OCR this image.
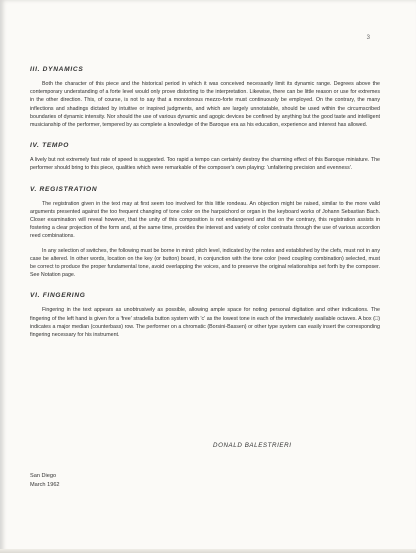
3

III. DYNAMICS

Both the character of this piece and the historical period in which it was conceived necessarily limit its dynamic range. Degrees above the contemporary understanding of a forte level would only prove distorting to the interpretation. Likewise, there can be little reason or use for extremes in the other direction. This, of course, is not to say that a monotonous mezzo-forte must continuously be employed. On the contrary, the many inflections and shadings dictated by intuitive or inspired judgments, and which are largely unnotatable, should be used within the circumscribed boundaries of dynamic intensity. Nor should the use of various dynamic and agogic devices be confined by anything but the good taste and intelligent musicianship of the performer, tempered by as complete a knowledge of the Baroque era as his education, experience and interest has allowed.

IV. TEMPO

A lively but not extremely fast rate of speed is suggested. Too rapid a tempo can certainly destroy the charming effect of this Baroque miniature. The performer should bring to this piece, qualities which were remarkable of the composer's own playing: 'unfaltering precision and evenness'.

V. REGISTRATION

The registration given in the text may at first seem too involved for this little rondeau. An objection might be raised, similar to the more valid arguments presented against the too frequent changing of tone color on the harpsichord or organ in the keyboard works of Johann Sebastian Bach. Closer examination will reveal however, that the unity of this composition is not endangered and that on the contrary, this registration assists in fostering a clear projection of the form and, at the same time, provides the interest and variety of color contrasts through the use of various accordion reed combinations.

In any selection of switches, the following must be borne in mind: pitch level, indicated by the notes and established by the clefs, must not in any case be altered. In other words, location on the key (or button) board, in conjunction with the tone color (reed coupling combination) selected, must be correct to produce the proper fundamental tone, avoid overlapping the voices, and to preserve the original relationships set forth by the composer. See Notation page.

VI. FINGERING

Fingering in the text appears as unobtrusively as possible, allowing ample space for noting personal digitation and other indications. The fingering of the left hand is given for a 'free' stradella button system with 'c' as the lowest tone in each of the immediately available octaves. A box (□) indicates a major median (counterbass) row. The performer on a chromatic (Borsini-Bassen) or other type system can easily insert the corresponding fingering necessary for his instrument.

DONALD BALESTRIERI
San Diego
March 1962
